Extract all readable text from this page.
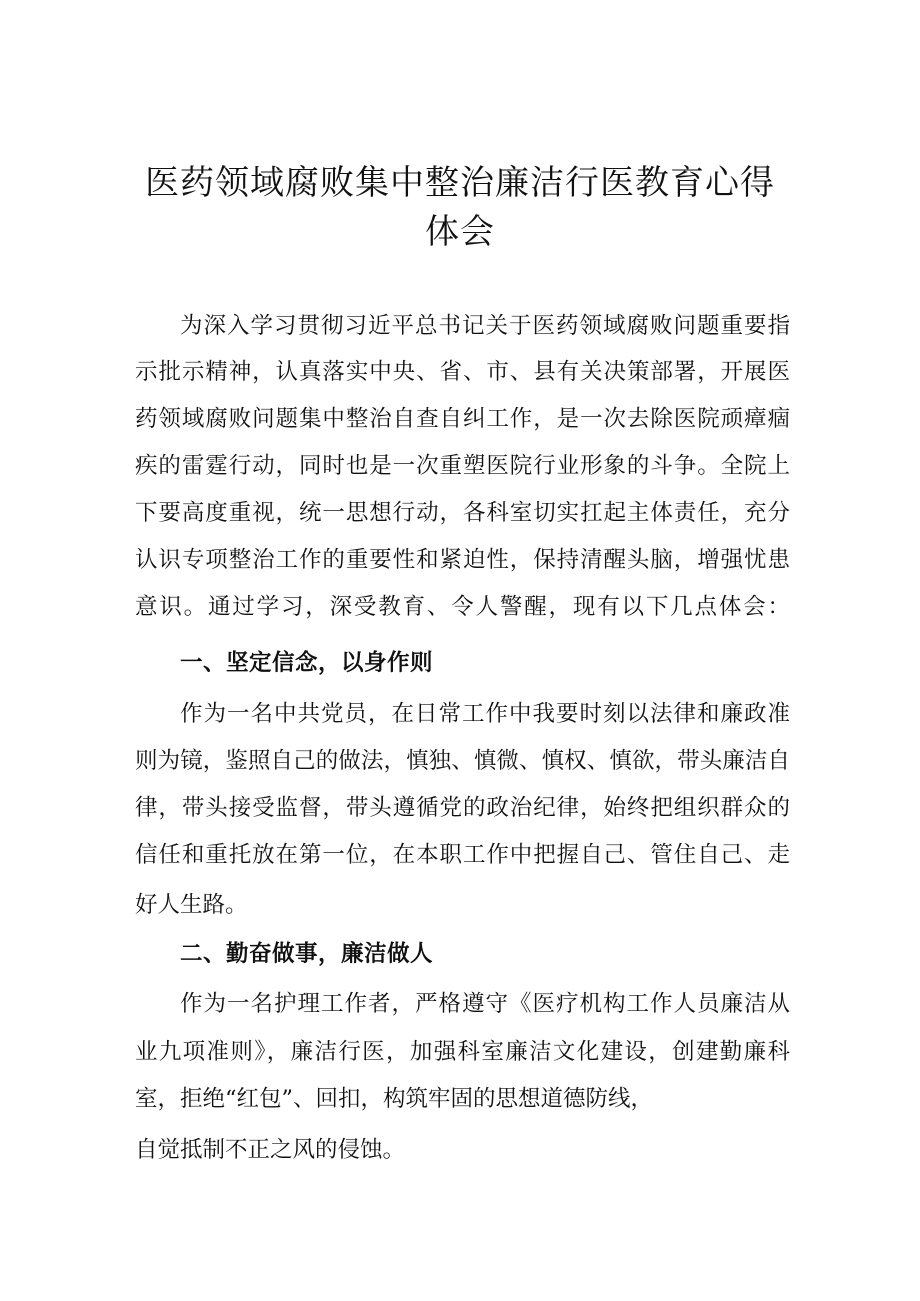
医药领域腐败集中整治廉洁行医教育心得
体会
为深入学习贯彻习近平总书记关于医药领域腐败问题重要指
示批示精神，认真落实中央、省、市、县有关决策部署，开展医
药领域腐败问题集中整治自查自纠工作，是一次去除医院顽瘴痼
疾的雷霆行动，同时也是一次重塑医院行业形象的斗争。全院上
下要高度重视，统一思想行动，各科室切实扛起主体责任，充分
认识专项整治工作的重要性和紧迫性，保持清醒头脑，增强忧患
意识。通过学习，深受教育、令人警醒，现有以下几点体会：
一、坚定信念，以身作则
作为一名中共党员，在日常工作中我要时刻以法律和廉政准
则为镜，鉴照自己的做法，慎独、慎微、慎权、慎欲，带头廉洁自
律，带头接受监督，带头遵循党的政治纪律，始终把组织群众的
信任和重托放在第一位，在本职工作中把握自己、管住自己、走
好人生路。
二、勤奋做事，廉洁做人
作为一名护理工作者，严格遵守《医疗机构工作人员廉洁从
业九项准则》，廉洁行医，加强科室廉洁文化建设，创建勤廉科
室，拒绝“红包”、回扣，构筑牢固的思想道德防线，
自觉抵制不正之风的侵蚀。
